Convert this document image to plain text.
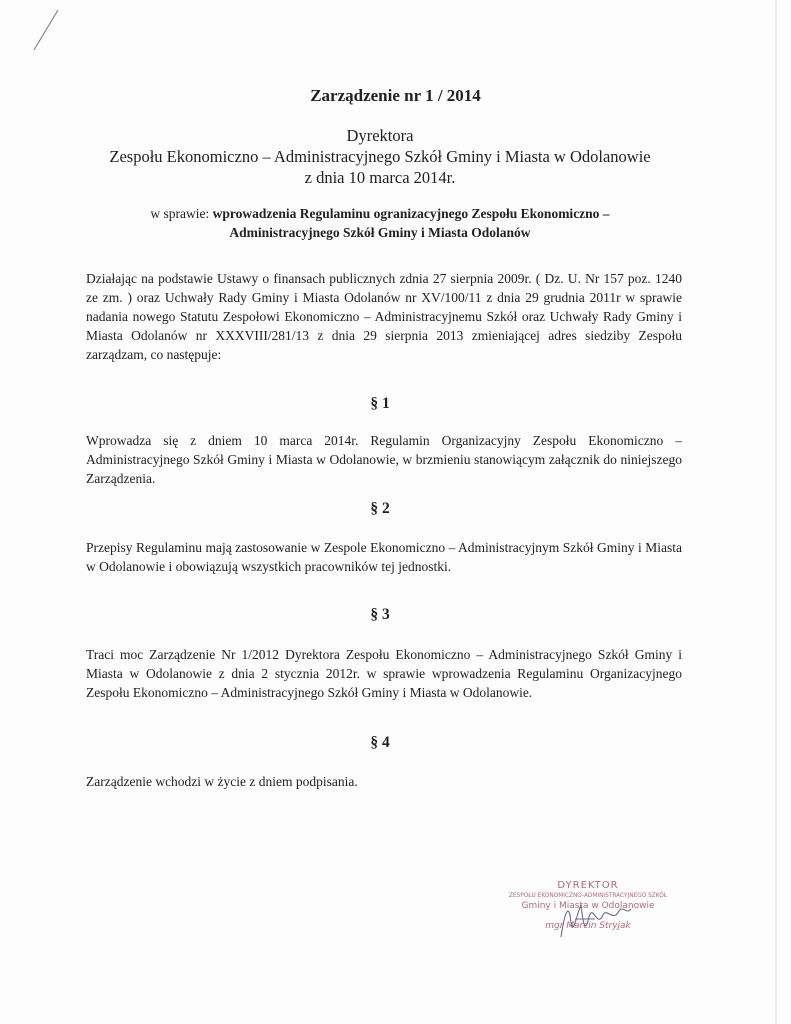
Zarządzenie nr 1 / 2014
Dyrektora
Zespołu Ekonomiczno – Administracyjnego Szkół Gminy i Miasta w Odolanowie
z dnia 10 marca 2014r.
w sprawie: wprowadzenia Regulaminu ogranizacyjnego Zespołu Ekonomiczno –
Administracyjnego Szkół Gminy i Miasta Odolanów
Działając na podstawie Ustawy o finansach publicznych zdnia 27 sierpnia 2009r. ( Dz. U. Nr 157 poz. 1240 ze zm. ) oraz Uchwały Rady Gminy i Miasta Odolanów nr XV/100/11 z dnia 29 grudnia 2011r w sprawie nadania nowego Statutu Zespołowi Ekonomiczno – Administracyjnemu Szkół oraz Uchwały Rady Gminy i Miasta Odolanów nr XXXVIII/281/13 z dnia 29 sierpnia 2013 zmieniającej adres siedziby Zespołu zarządzam, co następuje:
§ 1
Wprowadza się z dniem 10 marca 2014r. Regulamin Organizacyjny Zespołu Ekonomiczno – Administracyjnego Szkół Gminy i Miasta w Odolanowie, w brzmieniu stanowiącym załącznik do niniejszego Zarządzenia.
§ 2
Przepisy Regulaminu mają zastosowanie w Zespole Ekonomiczno – Administracyjnym Szkół Gminy i Miasta w Odolanowie i obowiązują wszystkich pracowników tej jednostki.
§ 3
Traci moc Zarządzenie Nr 1/2012 Dyrektora Zespołu Ekonomiczno – Administracyjnego Szkół Gminy i Miasta w Odolanowie z dnia 2 stycznia 2012r. w sprawie wprowadzenia Regulaminu Organizacyjnego Zespołu Ekonomiczno – Administracyjnego Szkół Gminy i Miasta w Odolanowie.
§ 4
Zarządzenie wchodzi w życie z dniem podpisania.
DYREKTOR
ZESPOŁU EKONOMICZNO-ADMINISTRACYJNEGO SZKÓŁ
Gminy i Miasta w Odolanowie
mgr Marcin Stryjak
